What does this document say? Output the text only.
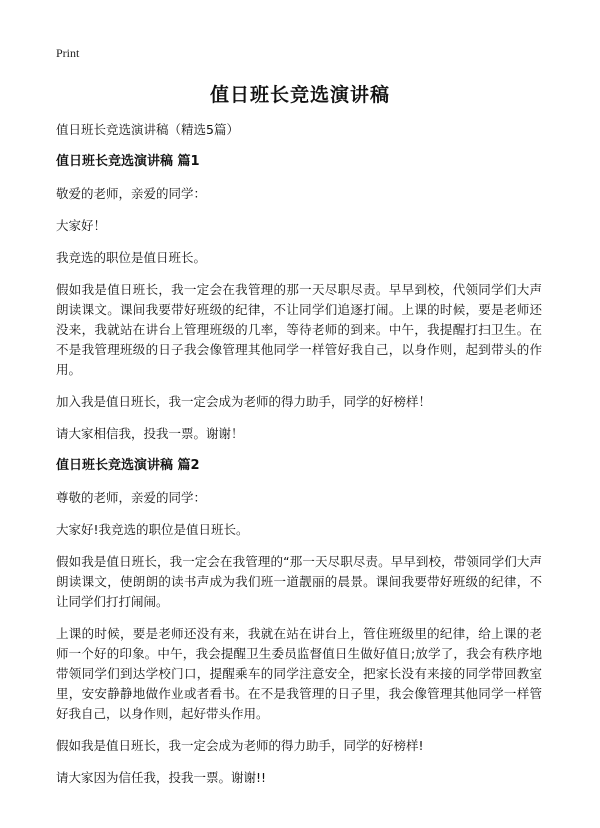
Print
值日班长竞选演讲稿

值日班长竞选演讲稿（精选5篇）

值日班长竞选演讲稿 篇1

敬爱的老师，亲爱的同学：

大家好！

我竞选的职位是值日班长。

假如我是值日班长，我一定会在我管理的那一天尽职尽责。早早到校，代领同学们大声朗读课文。课间我要带好班级的纪律，不让同学们追逐打闹。上课的时候，要是老师还没来，我就站在讲台上管理班级的几率，等待老师的到来。中午，我提醒打扫卫生。在不是我管理班级的日子我会像管理其他同学一样管好我自己，以身作则，起到带头的作用。

加入我是值日班长，我一定会成为老师的得力助手，同学的好榜样！

请大家相信我，投我一票。谢谢！

值日班长竞选演讲稿 篇2

尊敬的老师，亲爱的同学：

大家好!我竞选的职位是值日班长。

假如我是值日班长，我一定会在我管理的“那一天尽职尽责。早早到校，带领同学们大声朗读课文，使朗朗的读书声成为我们班一道靓丽的晨景。课间我要带好班级的纪律，不让同学们打打闹闹。

上课的时候，要是老师还没有来，我就在站在讲台上，管住班级里的纪律，给上课的老师一个好的印象。中午，我会提醒卫生委员监督值日生做好值日;放学了，我会有秩序地带领同学们到达学校门口，提醒乘车的同学注意安全，把家长没有来接的同学带回教室里，安安静静地做作业或者看书。在不是我管理的日子里，我会像管理其他同学一样管好我自己，以身作则，起好带头作用。

假如我是值日班长，我一定会成为老师的得力助手，同学的好榜样!

请大家因为信任我，投我一票。谢谢!!
